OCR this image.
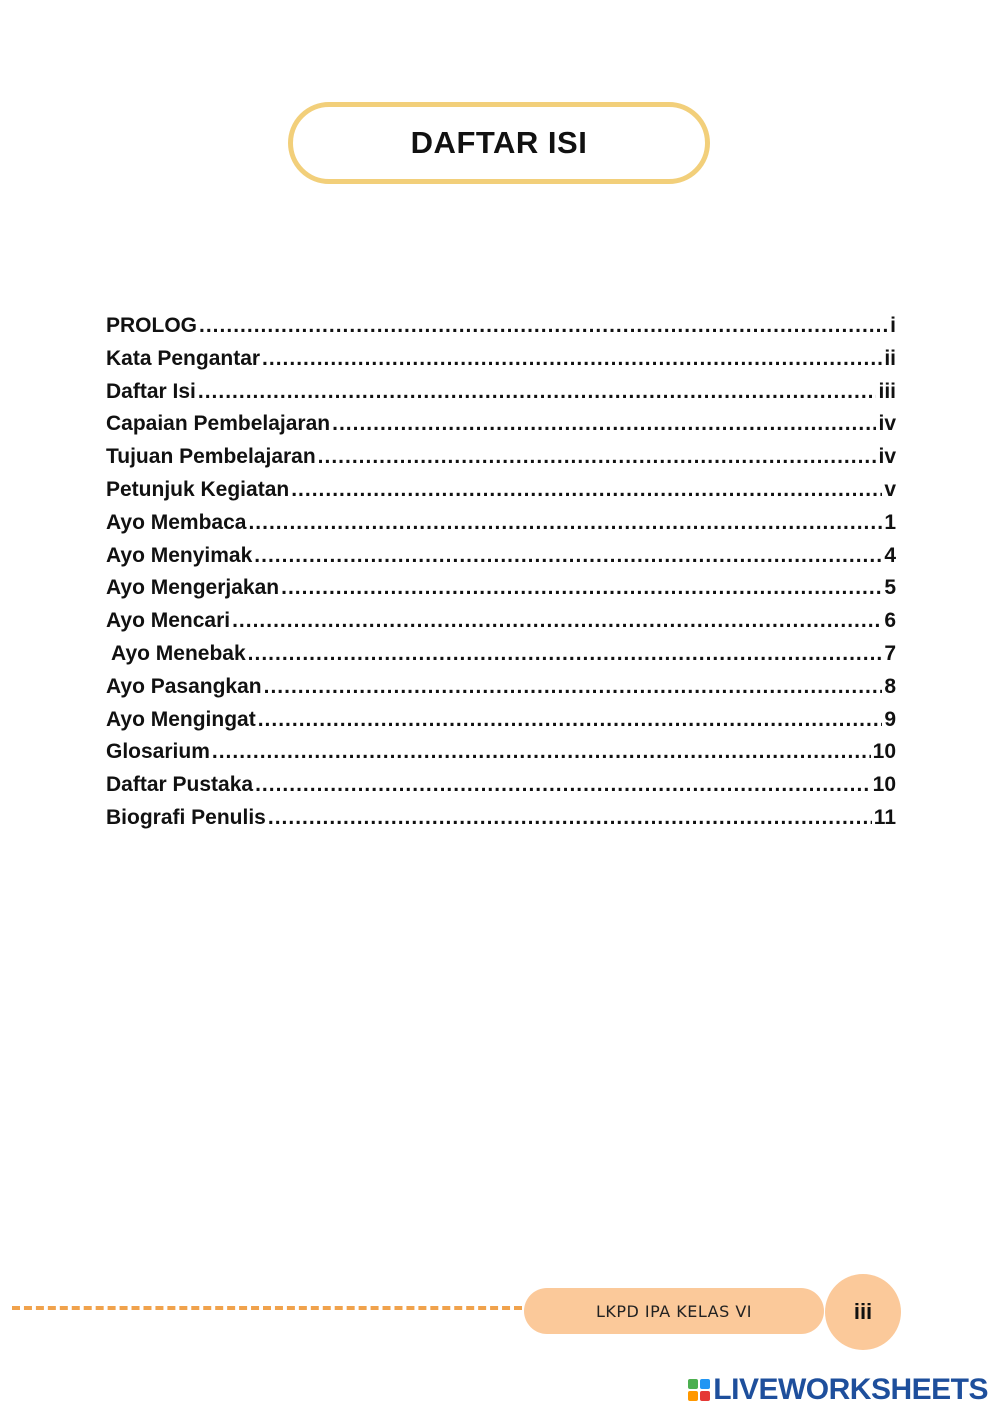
DAFTAR ISI
PROLOG .....	i
Kata Pengantar .....	ii
Daftar Isi .....	iii
Capaian Pembelajaran .....	iv
Tujuan Pembelajaran .....	iv
Petunjuk Kegiatan .....	v
Ayo Membaca .....	1
Ayo Menyimak .....	4
Ayo Mengerjakan .....	5
Ayo Mencari .....	6
Ayo Menebak .....	7
Ayo Pasangkan .....	8
Ayo Mengingat .....	9
Glosarium .....	10
Daftar Pustaka .....	10
Biografi Penulis .....	11
LKPD IPA KELAS VI	iii
LIVEWORKSHEETS
